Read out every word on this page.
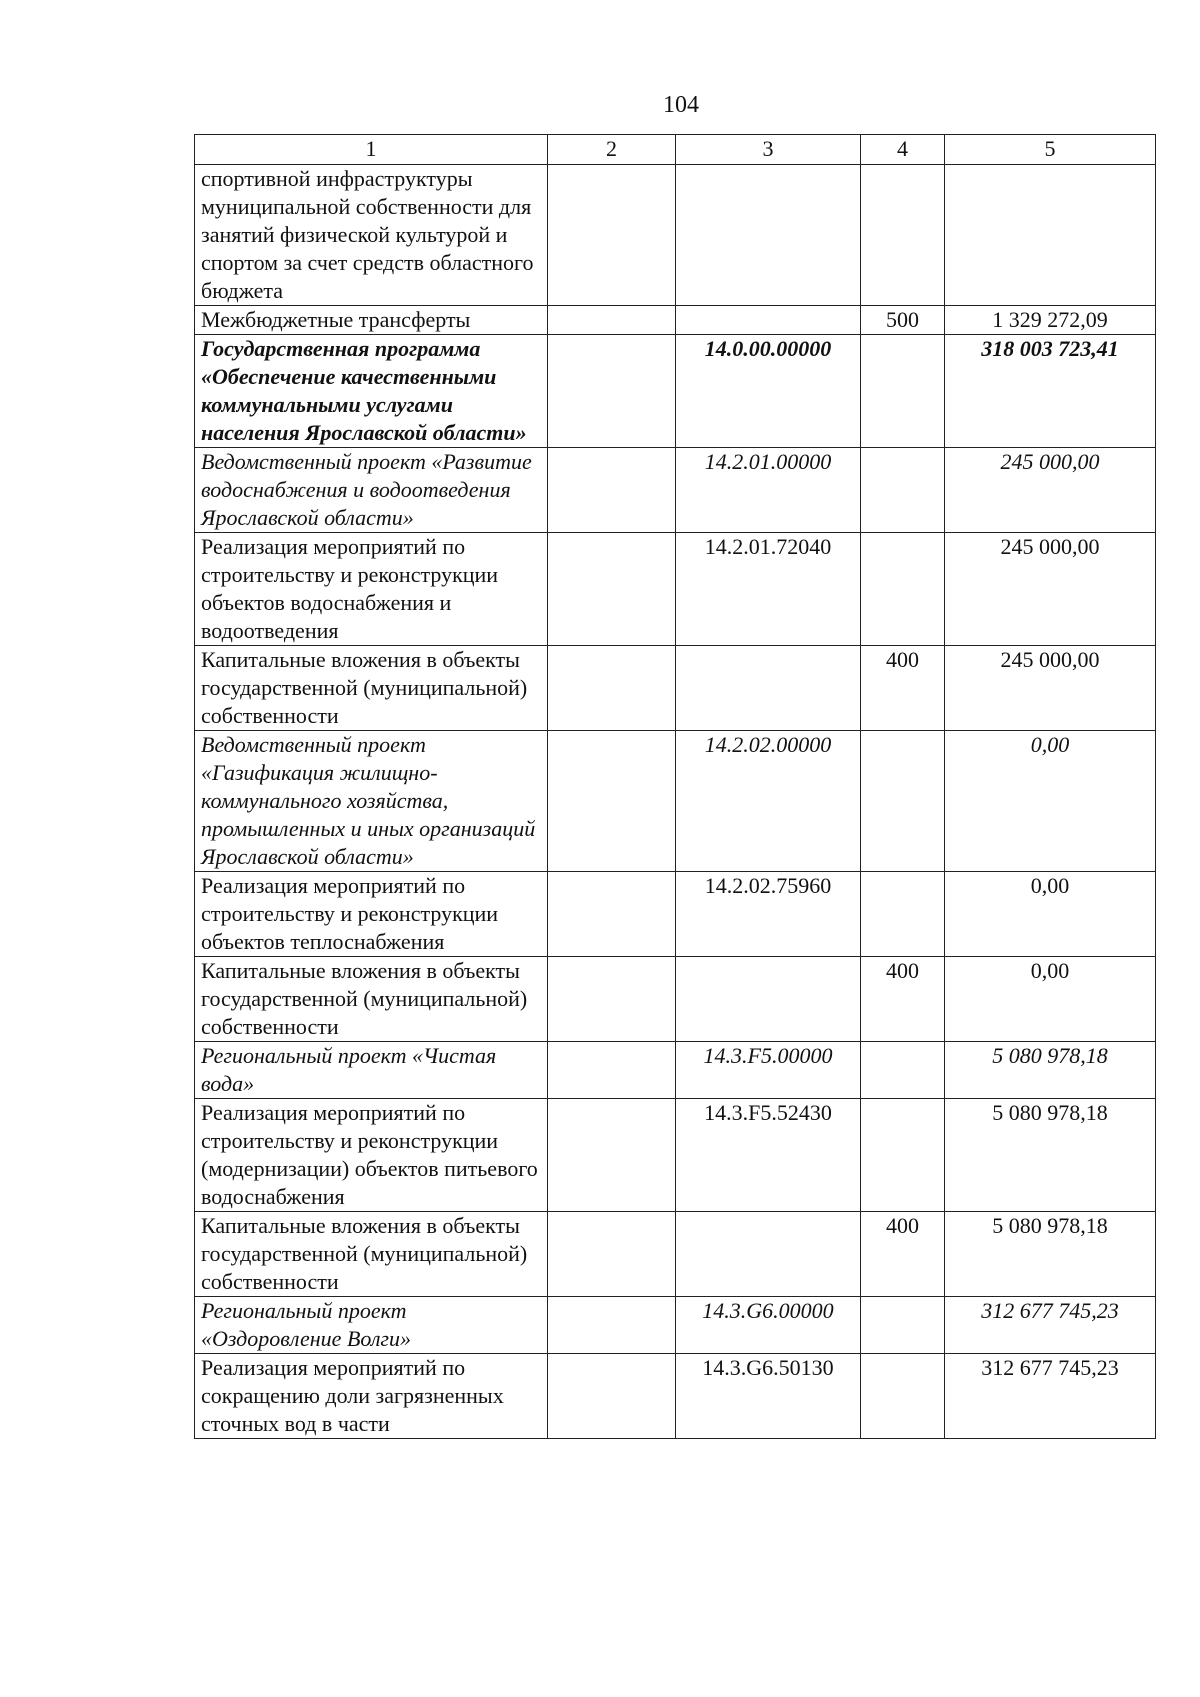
104
1	2	3	4	5
спортивной инфраструктуры муниципальной собственности для занятий физической культурой и спортом за счет средств областного бюджета				
Межбюджетные трансферты			500	1 329 272,09
Государственная программа «Обеспечение качественными коммунальными услугами населения Ярославской области»		14.0.00.00000		318 003 723,41
Ведомственный проект «Развитие водоснабжения и водоотведения Ярославской области»		14.2.01.00000		245 000,00
Реализация мероприятий по строительству и реконструкции объектов водоснабжения и водоотведения		14.2.01.72040		245 000,00
Капитальные вложения в объекты государственной (муниципальной) собственности			400	245 000,00
Ведомственный проект «Газификация жилищно-коммунального хозяйства, промышленных и иных организаций Ярославской области»		14.2.02.00000		0,00
Реализация мероприятий по строительству и реконструкции объектов теплоснабжения		14.2.02.75960		0,00
Капитальные вложения в объекты государственной (муниципальной) собственности			400	0,00
Региональный проект «Чистая вода»		14.3.F5.00000		5 080 978,18
Реализация мероприятий по строительству и реконструкции (модернизации) объектов питьевого водоснабжения		14.3.F5.52430		5 080 978,18
Капитальные вложения в объекты государственной (муниципальной) собственности			400	5 080 978,18
Региональный проект «Оздоровление Волги»		14.3.G6.00000		312 677 745,23
Реализация мероприятий по сокращению доли загрязненных сточных вод в части		14.3.G6.50130		312 677 745,23
